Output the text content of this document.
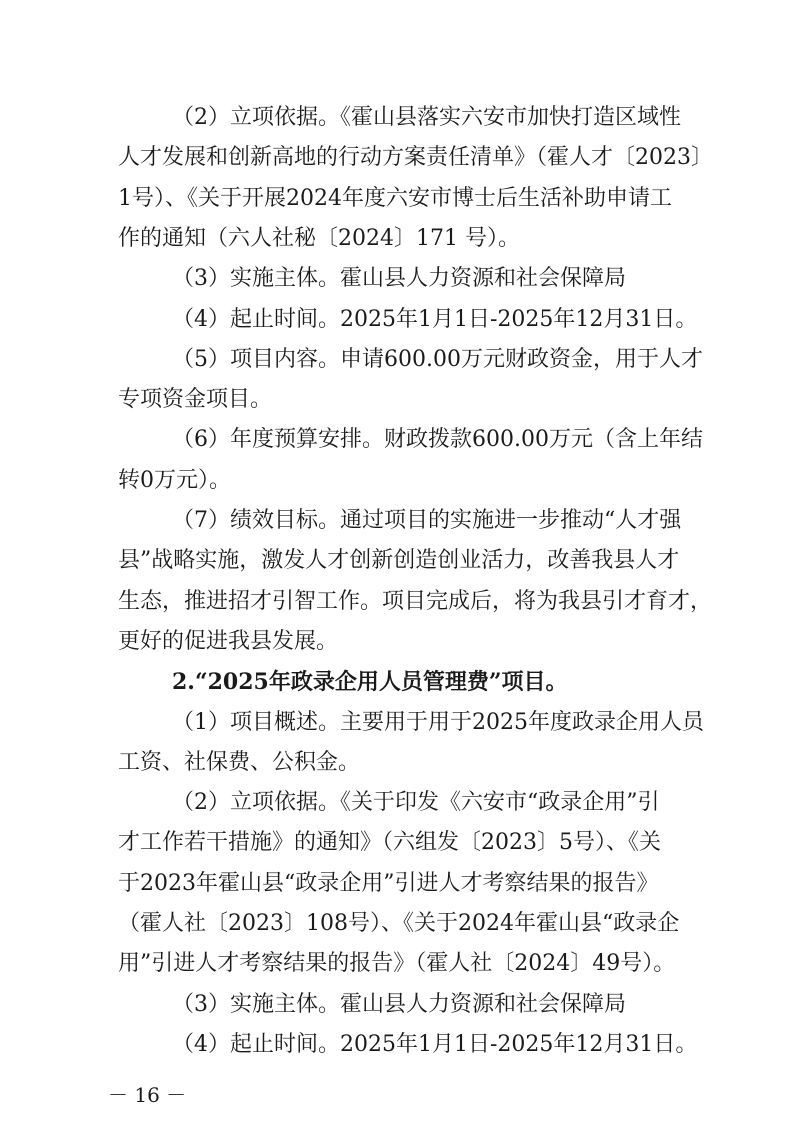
（2）立项依据。《霍山县落实六安市加快打造区域性
人才发展和创新高地的行动方案责任清单》（霍人才〔2023〕
1号）、《关于开展2024年度六安市博士后生活补助申请工
作的通知（六人社秘〔2024〕171 号）。
（3）实施主体。霍山县人力资源和社会保障局
（4）起止时间。2025年1月1日-2025年12月31日。
（5）项目内容。申请600.00万元财政资金，用于人才
专项资金项目。
（6）年度预算安排。财政拨款600.00万元（含上年结
转0万元）。
（7）绩效目标。通过项目的实施进一步推动“人才强
县”战略实施，激发人才创新创造创业活力，改善我县人才
生态，推进招才引智工作。项目完成后，将为我县引才育才，
更好的促进我县发展。
2.“2025年政录企用人员管理费”项目。
（1）项目概述。主要用于用于2025年度政录企用人员
工资、社保费、公积金。
（2）立项依据。《关于印发《六安市“政录企用”引
才工作若干措施》的通知》（六组发〔2023〕5号）、《关
于2023年霍山县“政录企用”引进人才考察结果的报告》
（霍人社〔2023〕108号）、《关于2024年霍山县“政录企
用”引进人才考察结果的报告》（霍人社〔2024〕49号）。
（3）实施主体。霍山县人力资源和社会保障局
（4）起止时间。2025年1月1日-2025年12月31日。
－ 16 －
